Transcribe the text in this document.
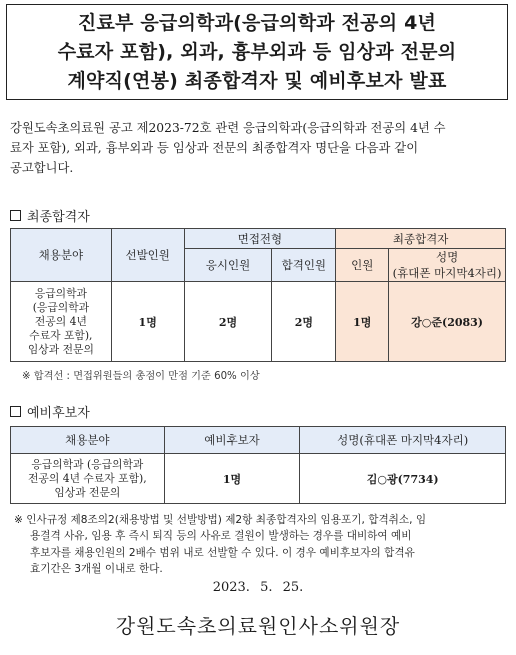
진료부 응급의학과(응급의학과 전공의 4년
수료자 포함), 외과, 흉부외과 등 임상과 전문의
계약직(연봉) 최종합격자 및 예비후보자 발표
강원도속초의료원 공고 제2023-72호 관련 응급의학과(응급의학과 전공의 4년 수
료자 포함), 외과, 흉부외과 등 임상과 전문의 최종합격자 명단을 다음과 같이
공고합니다.
최종합격자
채용분야	선발인원	면접전형		최종합격자	
		응시인원	합격인원	인원	성명
(휴대폰 마지막4자리)

응급의학과
(응급의학과
전공의 4년
수료자 포함),
임상과 전문의	1명	2명	2명	1명	강○준(2083)
※ 합격선 : 면접위원들의 총점이 만점 기준 60% 이상
예비후보자
채용분야	예비후보자	성명(휴대폰 마지막4자리)

응급의학과 (응급의학과
전공의 4년 수료자 포함),
임상과 전문의	1명	김○광(7734)
※ 인사규정 제8조의2(채용방법 및 선발방법) 제2항 최종합격자의 임용포기, 합격취소, 임
용결격 사유, 임용 후 즉시 퇴직 등의 사유로 결원이 발생하는 경우를 대비하여 예비
후보자를 채용인원의 2배수 범위 내로 선발할 수 있다. 이 경우 예비후보자의 합격유
효기간은 3개월 이내로 한다.
2023. 5. 25.
강원도속초의료원인사소위원장
